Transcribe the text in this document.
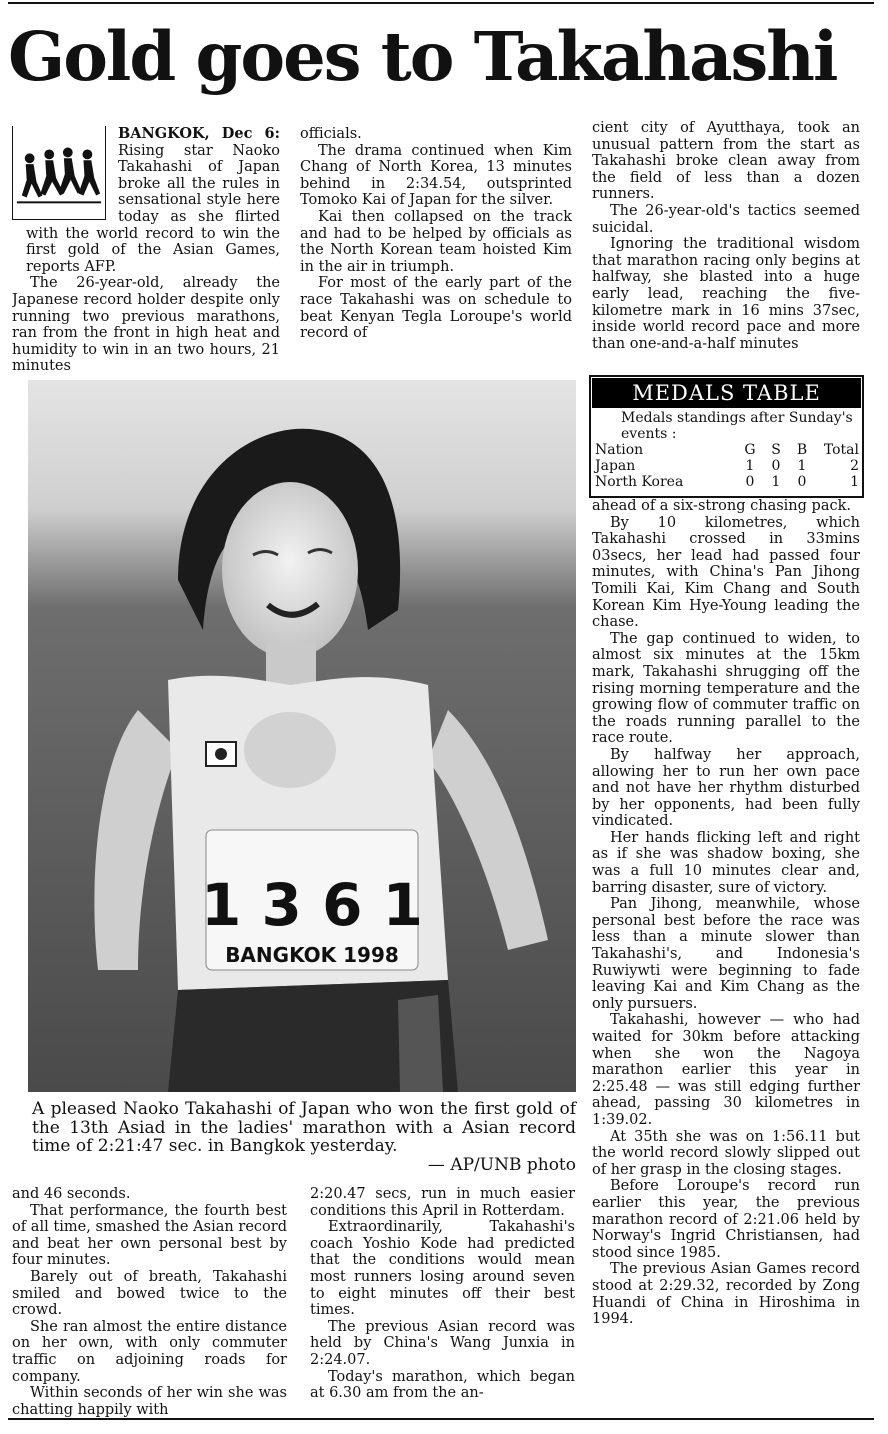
Gold goes to Takahashi

BANGKOK, Dec 6: Rising star Naoko Takahashi of Japan broke all the rules in sensational style here today as she flirted with the world record to win the first gold of the Asian Games, reports AFP.

The 26-year-old, already the Japanese record holder despite only running two previous marathons, ran from the front in high heat and humidity to win in an two hours, 21 minutes

officials.

The drama continued when Kim Chang of North Korea, 13 minutes behind in 2:34.54, outsprinted Tomoko Kai of Japan for the silver.

Kai then collapsed on the track and had to be helped by officials as the North Korean team hoisted Kim in the air in triumph.

For most of the early part of the race Takahashi was on schedule to beat Kenyan Tegla Loroupe's world record of

cient city of Ayutthaya, took an unusual pattern from the start as Takahashi broke clean away from the field of less than a dozen runners.

The 26-year-old's tactics seemed suicidal.

Ignoring the traditional wisdom that marathon racing only begins at halfway, she blasted into a huge early lead, reaching the five-kilometre mark in 16 mins 37sec, inside world record pace and more than one-and-a-half minutes

MEDALS TABLE
Medals standings after Sunday's events :
Nation	G	S	B	Total
Japan	1	0	1	2
North Korea	0	1	0	1
1 3 6 1
BANGKOK 1998
A pleased Naoko Takahashi of Japan who won the first gold of the 13th Asiad in the ladies' marathon with a Asian record time of 2:21:47 sec. in Bangkok yesterday.
— AP/UNB photo

ahead of a six-strong chasing pack.

By 10 kilometres, which Takahashi crossed in 33mins 03secs, her lead had passed four minutes, with China's Pan Jihong Tomili Kai, Kim Chang and South Korean Kim Hye-Young leading the chase.

The gap continued to widen, to almost six minutes at the 15km mark, Takahashi shrugging off the rising morning temperature and the growing flow of commuter traffic on the roads running parallel to the race route.

By halfway her approach, allowing her to run her own pace and not have her rhythm disturbed by her opponents, had been fully vindicated.

Her hands flicking left and right as if she was shadow boxing, she was a full 10 minutes clear and, barring disaster, sure of victory.

Pan Jihong, meanwhile, whose personal best before the race was less than a minute slower than Takahashi's, and Indonesia's Ruwiywti were beginning to fade leaving Kai and Kim Chang as the only pursuers.

Takahashi, however — who had waited for 30km before attacking when she won the Nagoya marathon earlier this year in 2:25.48 — was still edging further ahead, passing 30 kilometres in 1:39.02.

At 35th she was on 1:56.11 but the world record slowly slipped out of her grasp in the closing stages.

Before Loroupe's record run earlier this year, the previous marathon record of 2:21.06 held by Norway's Ingrid Christiansen, had stood since 1985.

The previous Asian Games record stood at 2:29.32, recorded by Zong Huandi of China in Hiroshima in 1994.

and 46 seconds.

That performance, the fourth best of all time, smashed the Asian record and beat her own personal best by four minutes.

Barely out of breath, Takahashi smiled and bowed twice to the crowd.

She ran almost the entire distance on her own, with only commuter traffic on adjoining roads for company.

Within seconds of her win she was chatting happily with

2:20.47 secs, run in much easier conditions this April in Rotterdam.

Extraordinarily, Takahashi's coach Yoshio Kode had predicted that the conditions would mean most runners losing around seven to eight minutes off their best times.

The previous Asian record was held by China's Wang Junxia in 2:24.07.

Today's marathon, which began at 6.30 am from the an-
